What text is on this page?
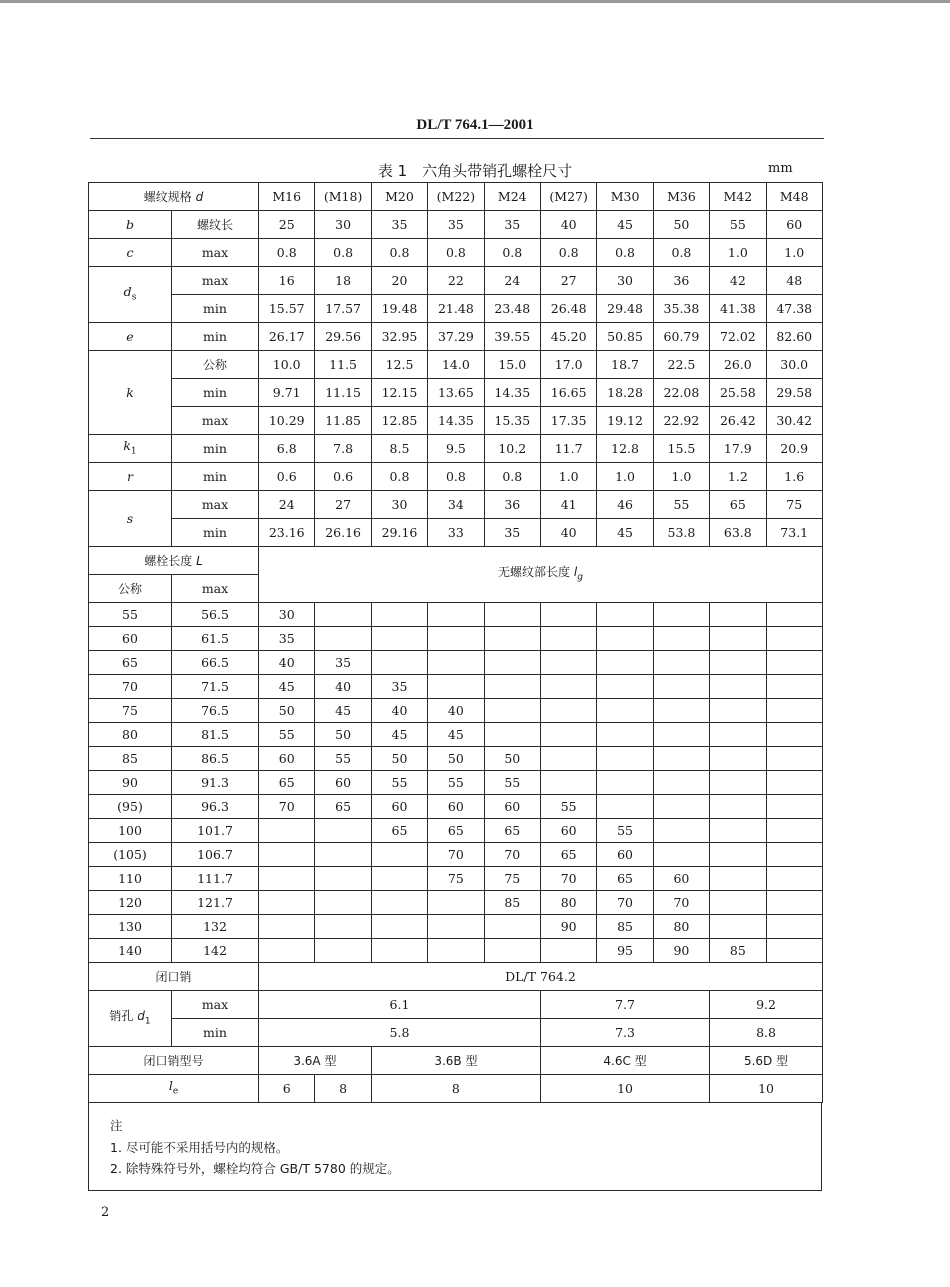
DL/T 764.1—2001
表 1　六角头带销孔螺栓尺寸	mm
螺纹规格 d		M16	(M18)	M20	(M22)	M24	(M27)	M30	M36	M42	M48
b	螺纹长	25	30	35	35	35	40	45	50	55	60
c	max	0.8	0.8	0.8	0.8	0.8	0.8	0.8	0.8	1.0	1.0
$d_s$	max	16	18	20	22	24	27	30	36	42	48
	min	15.57	17.57	19.48	21.48	23.48	26.48	29.48	35.38	41.38	47.38
e	min	26.17	29.56	32.95	37.29	39.55	45.20	50.85	60.79	72.02	82.60
k	公称	10.0	11.5	12.5	14.0	15.0	17.0	18.7	22.5	26.0	30.0
	min	9.71	11.15	12.15	13.65	14.35	16.65	18.28	22.08	25.58	29.58
	max	10.29	11.85	12.85	14.35	15.35	17.35	19.12	22.92	26.42	30.42
$k_1$	min	6.8	7.8	8.5	9.5	10.2	11.7	12.8	15.5	17.9	20.9
r	min	0.6	0.6	0.8	0.8	0.8	1.0	1.0	1.0	1.2	1.6
s	max	24	27	30	34	36	41	46	55	65	75
	min	23.16	26.16	29.16	33	35	40	45	53.8	63.8	73.1
螺栓长度 L		无螺纹部长度 $l_g$
公称	max										
55	56.5	30									
60	61.5	35									
65	66.5	40	35								
70	71.5	45	40	35							
75	76.5	50	45	40	40						
80	81.5	55	50	45	45						
85	86.5	60	55	50	50	50					
90	91.3	65	60	55	55	55					
(95)	96.3	70	65	60	60	60	55				
100	101.7			65	65	65	60	55			
(105)	106.7				70	70	65	60			
110	111.7				75	75	70	65	60		
120	121.7					85	80	70	70		
130	132						90	85	80		
140	142							95	90	85	
闭口销		DL/T 764.2									
销孔 $d_1$	max	6.1					7.7			9.2	
	min	5.8					7.3			8.8	
闭口销型号		3.6A 型		3.6B 型			4.6C 型			5.6D 型	
$l_e$		6	8	8			10			10	
注
1. 尽可能不采用括号内的规格。
2. 除特殊符号外，螺栓均符合 GB/T 5780 的规定。
2
